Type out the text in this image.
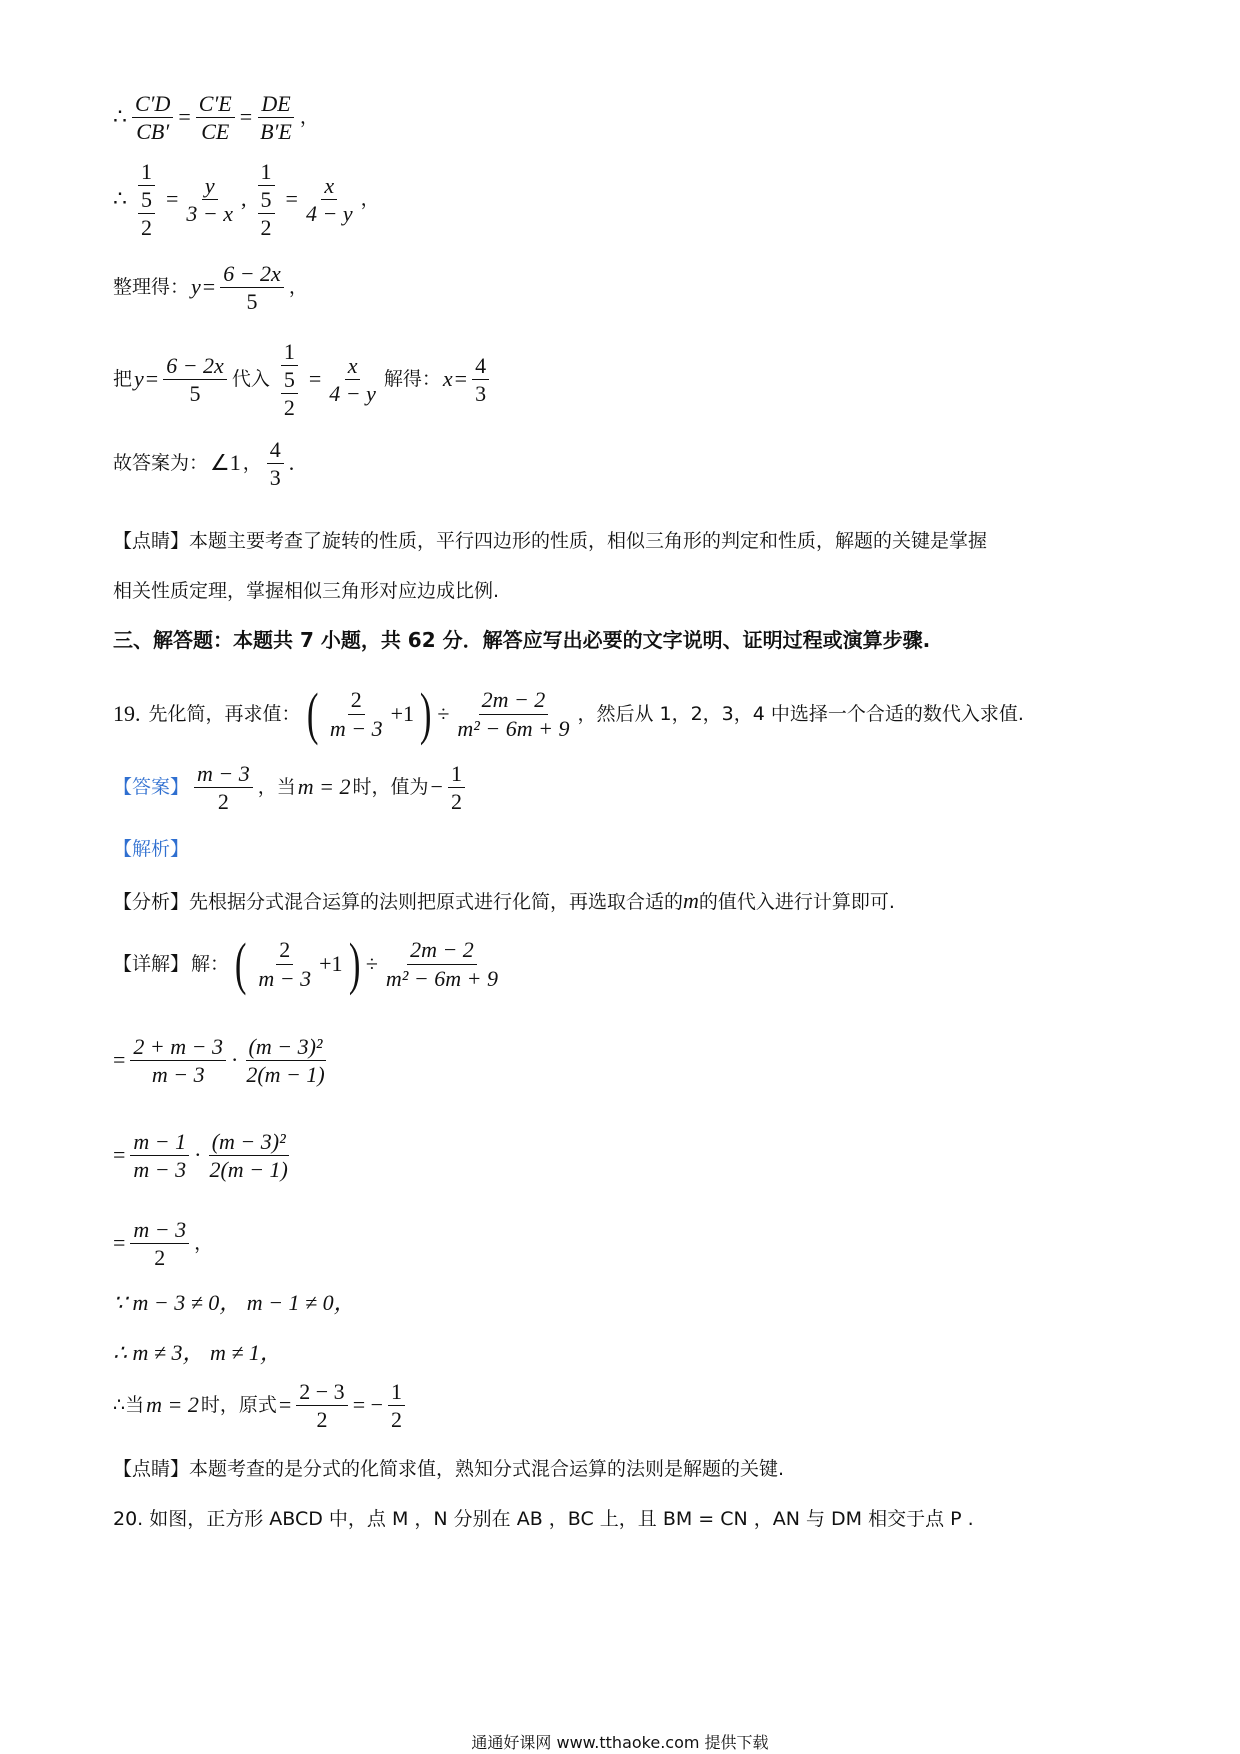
∴ $\frac{C'D}{CB'} = \frac{C'E}{CE} = \frac{DE}{B'E}$ ，
∴ $\frac{1}{\frac{5}{2}} = \frac{y}{3 - x}$ , $\frac{1}{\frac{5}{2}} = \frac{x}{4 - y}$ ，
整理得： $y = \frac{6 - 2x}{5}$ ，
把 $y = \frac{6 - 2x}{5}$ 代入 $\frac{1}{\frac{5}{2}} = \frac{x}{4 - y}$ 解得： $x = \frac{4}{3}$
故答案为： ∠1 ， $\frac{4}{3}$ .
【点睛】本题主要考查了旋转的性质，平行四边形的性质，相似三角形的判定和性质，解题的关键是掌握
相关性质定理，掌握相似三角形对应边成比例.
三、解答题：本题共 7 小题，共 62 分．解答应写出必要的文字说明、证明过程或演算步骤.
19. 先化简，再求值： ( $\frac{2}{m - 3} +1$ ) ÷ $\frac{2m - 2}{\text{m² − 6m + 9}}$ ，然后从 1，2，3，4 中选择一个合适的数代入求值.
【答案】 $\frac{m - 3}{2}$ ，当 m = 2 时，值为 − $\frac{1}{2}$
【解析】
【分析】先根据分式混合运算的法则把原式进行化简，再选取合适的m的值代入进行计算即可.
【详解】 解： ( $\frac{2}{m - 3} +1$ ) ÷ $\frac{2m - 2}{\text{m² − 6m + 9}}$
= $\frac{2 + m - 3}{m - 3} \cdot \frac{\text{(m − 3)²}}{2(m - 1)}$
= $\frac{m - 1}{m - 3} \cdot \frac{\text{(m − 3)²}}{2(m - 1)}$
= $\frac{m - 3}{2}$ ，
∵ m − 3 ≠ 0， m − 1 ≠ 0，
∴ m ≠ 3， m ≠ 1，
∴当 m = 2 时，原式 = $\frac{2 - 3}{2}$ = − $\frac{1}{2}$
【点睛】本题考查的是分式的化简求值，熟知分式混合运算的法则是解题的关键.
20. 如图，正方形 ABCD 中，点 M ，N 分别在 AB ，BC 上，且 BM = CN ，AN 与 DM 相交于点 P .
通通好课网 www.tthaoke.com 提供下载
